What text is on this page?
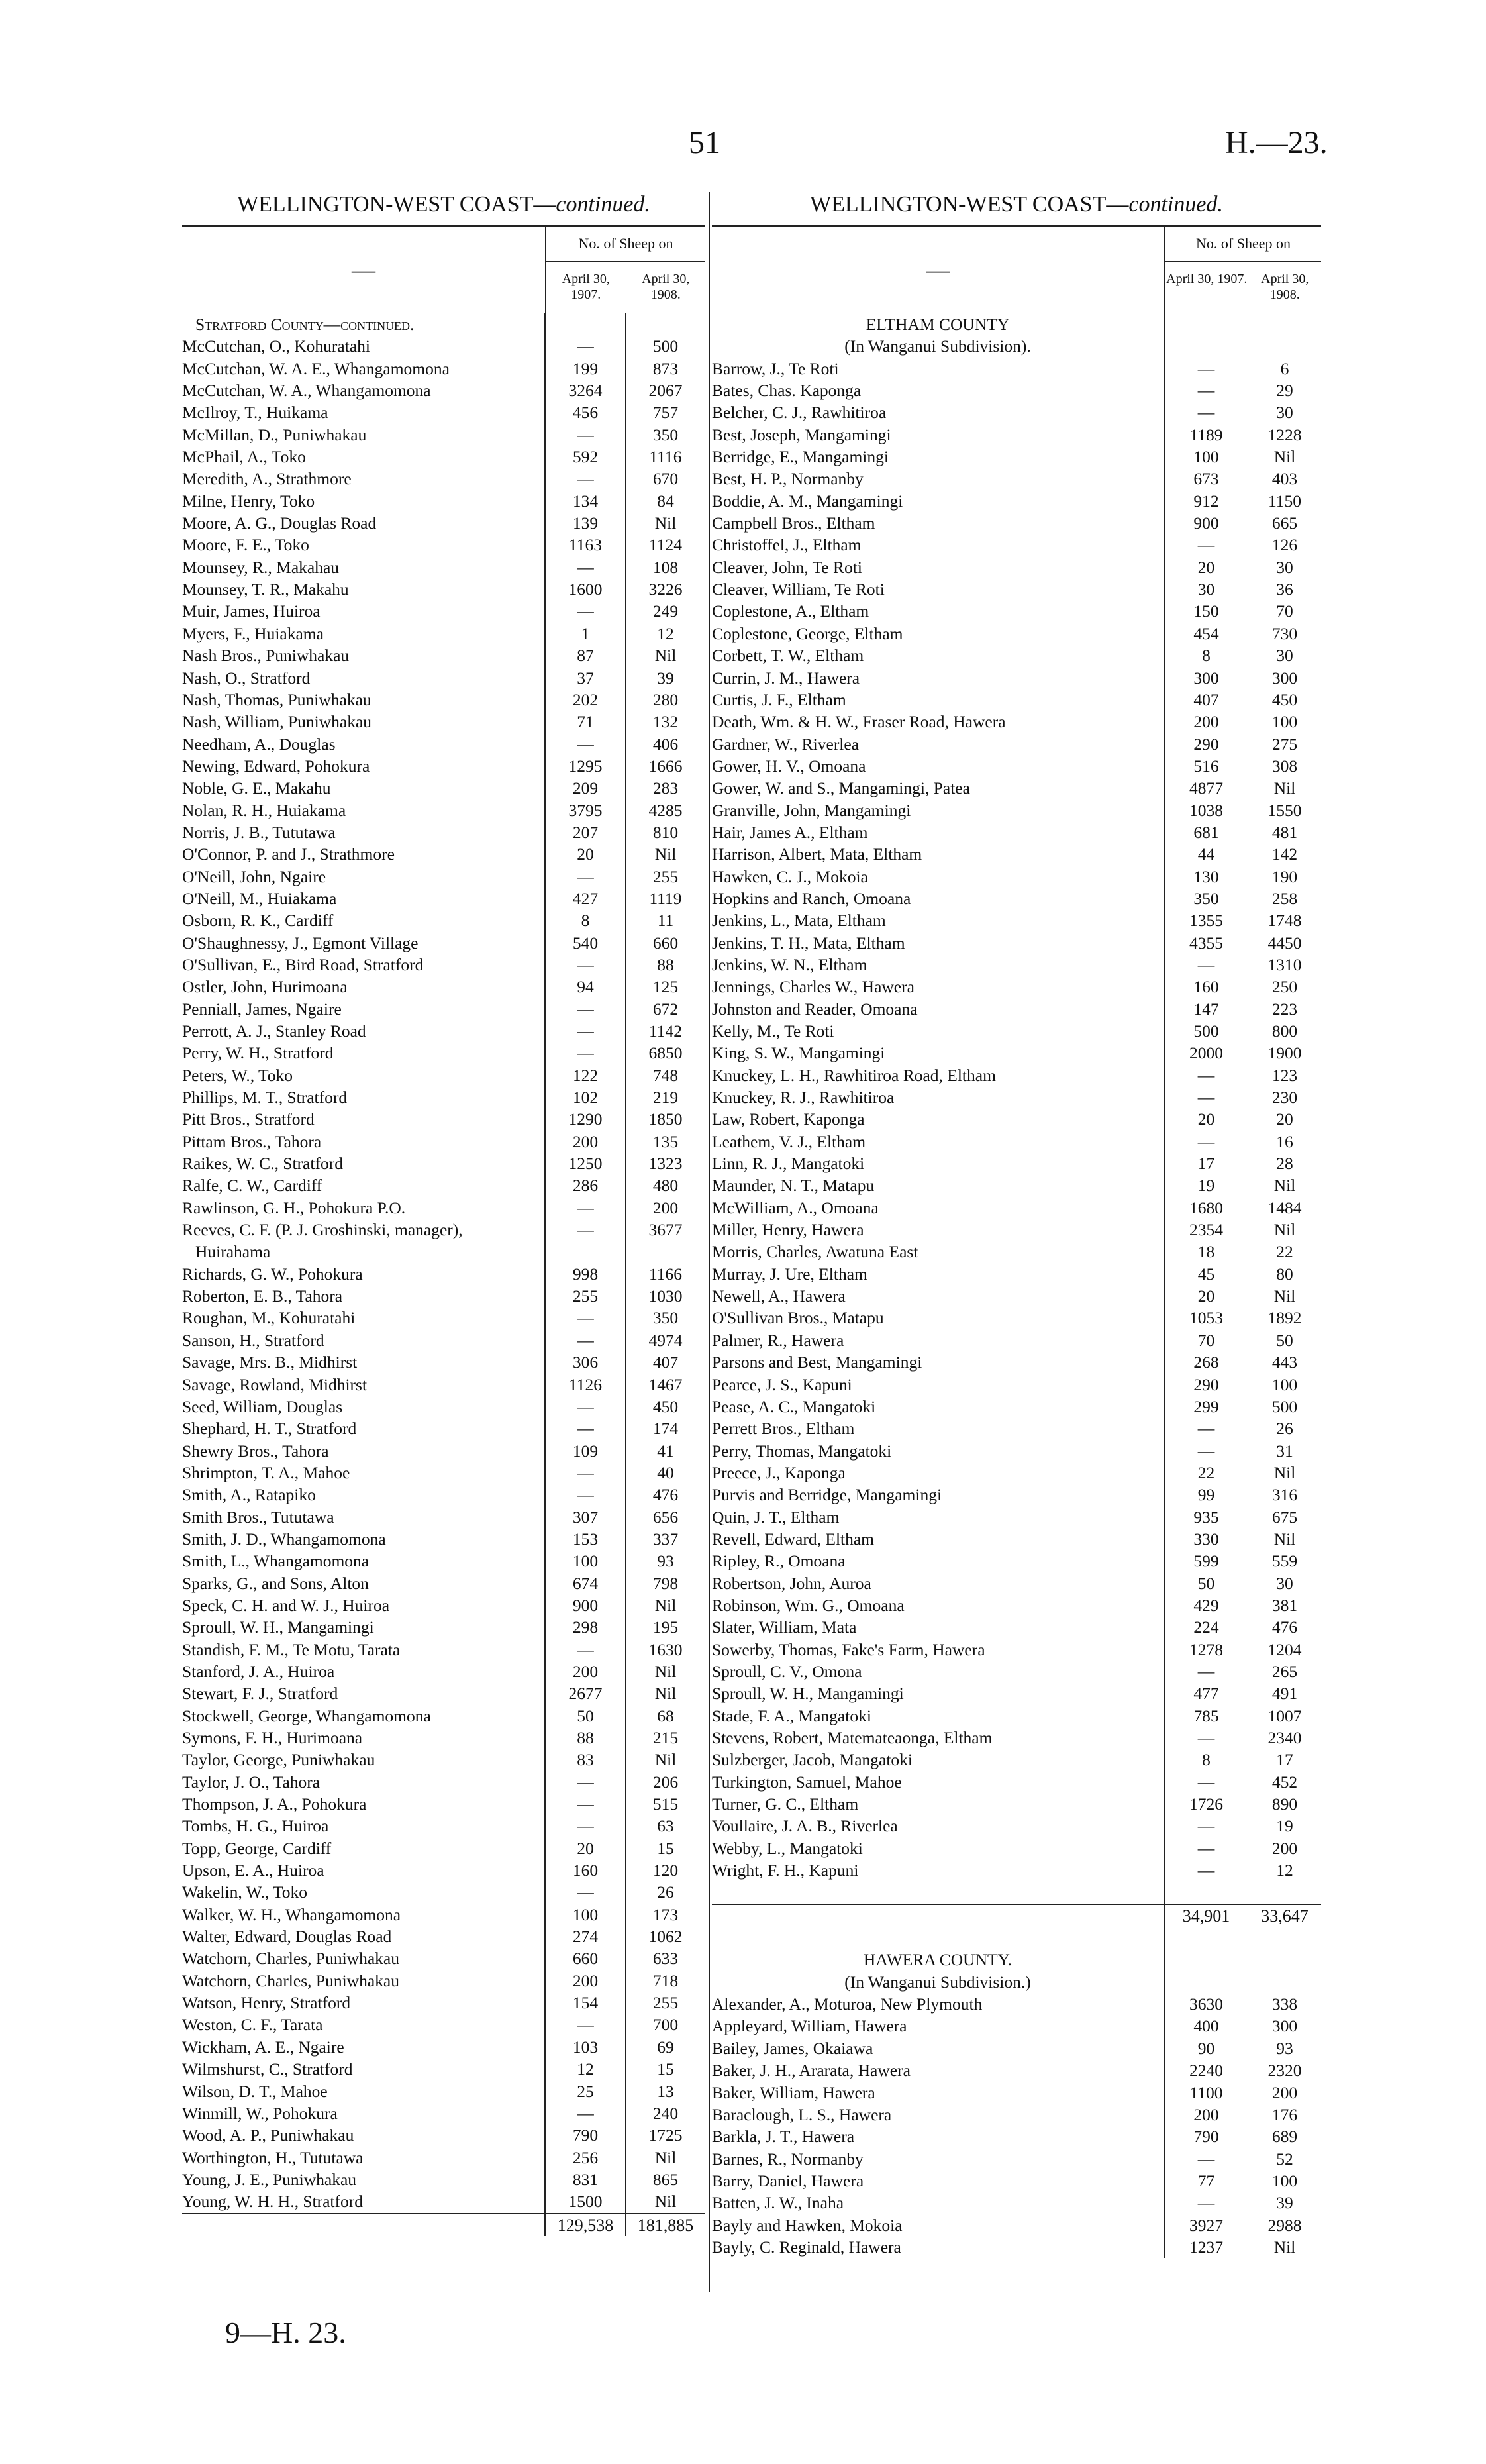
51	H.—23.
WELLINGTON-WEST COAST—continued.
—
No. of Sheep on
April 30, 1907.
April 30, 1908.
Stratford County—continued.
McCutchan, O., Kohuratahi	—	500
McCutchan, W. A. E., Whangamomona	199	873
McCutchan, W. A., Whangamomona	3264	2067
McIlroy, T., Huikama	456	757
McMillan, D., Puniwhakau	—	350
McPhail, A., Toko	592	1116
Meredith, A., Strathmore	—	670
Milne, Henry, Toko	134	84
Moore, A. G., Douglas Road	139	Nil
Moore, F. E., Toko	1163	1124
Mounsey, R., Makahau	—	108
Mounsey, T. R., Makahu	1600	3226
Muir, James, Huiroa	—	249
Myers, F., Huiakama	1	12
Nash Bros., Puniwhakau	87	Nil
Nash, O., Stratford	37	39
Nash, Thomas, Puniwhakau	202	280
Nash, William, Puniwhakau	71	132
Needham, A., Douglas	—	406
Newing, Edward, Pohokura	1295	1666
Noble, G. E., Makahu	209	283
Nolan, R. H., Huiakama	3795	4285
Norris, J. B., Tututawa	207	810
O'Connor, P. and J., Strathmore	20	Nil
O'Neill, John, Ngaire	—	255
O'Neill, M., Huiakama	427	1119
Osborn, R. K., Cardiff	8	11
O'Shaughnessy, J., Egmont Village	540	660
O'Sullivan, E., Bird Road, Stratford	—	88
Ostler, John, Hurimoana	94	125
Penniall, James, Ngaire	—	672
Perrott, A. J., Stanley Road	—	1142
Perry, W. H., Stratford	—	6850
Peters, W., Toko	122	748
Phillips, M. T., Stratford	102	219
Pitt Bros., Stratford	1290	1850
Pittam Bros., Tahora	200	135
Raikes, W. C., Stratford	1250	1323
Ralfe, C. W., Cardiff	286	480
Rawlinson, G. H., Pohokura P.O.	—	200
Reeves, C. F. (P. J. Groshinski, manager),	—	3677
Huirahama
Richards, G. W., Pohokura	998	1166
Roberton, E. B., Tahora	255	1030
Roughan, M., Kohuratahi	—	350
Sanson, H., Stratford	—	4974
Savage, Mrs. B., Midhirst	306	407
Savage, Rowland, Midhirst	1126	1467
Seed, William, Douglas	—	450
Shephard, H. T., Stratford	—	174
Shewry Bros., Tahora	109	41
Shrimpton, T. A., Mahoe	—	40
Smith, A., Ratapiko	—	476
Smith Bros., Tututawa	307	656
Smith, J. D., Whangamomona	153	337
Smith, L., Whangamomona	100	93
Sparks, G., and Sons, Alton	674	798
Speck, C. H. and W. J., Huiroa	900	Nil
Sproull, W. H., Mangamingi	298	195
Standish, F. M., Te Motu, Tarata	—	1630
Stanford, J. A., Huiroa	200	Nil
Stewart, F. J., Stratford	2677	Nil
Stockwell, George, Whangamomona	50	68
Symons, F. H., Hurimoana	88	215
Taylor, George, Puniwhakau	83	Nil
Taylor, J. O., Tahora	—	206
Thompson, J. A., Pohokura	—	515
Tombs, H. G., Huiroa	—	63
Topp, George, Cardiff	20	15
Upson, E. A., Huiroa	160	120
Wakelin, W., Toko	—	26
Walker, W. H., Whangamomona	100	173
Walter, Edward, Douglas Road	274	1062
Watchorn, Charles, Puniwhakau	660	633
Watchorn, Charles, Puniwhakau	200	718
Watson, Henry, Stratford	154	255
Weston, C. F., Tarata	—	700
Wickham, A. E., Ngaire	103	69
Wilmshurst, C., Stratford	12	15
Wilson, D. T., Mahoe	25	13
Winmill, W., Pohokura	—	240
Wood, A. P., Puniwhakau	790	1725
Worthington, H., Tututawa	256	Nil
Young, J. E., Puniwhakau	831	865
Young, W. H. H., Stratford	1500	Nil
129,538	181,885
WELLINGTON-WEST COAST—continued.
—
No. of Sheep on
April 30, 1907.	April 30, 1908.
ELTHAM COUNTY
(In Wanganui Subdivision).
Barrow, J., Te Roti	—	6
Bates, Chas. Kaponga	—	29
Belcher, C. J., Rawhitiroa	—	30
Best, Joseph, Mangamingi	1189	1228
Berridge, E., Mangamingi	100	Nil
Best, H. P., Normanby	673	403
Boddie, A. M., Mangamingi	912	1150
Campbell Bros., Eltham	900	665
Christoffel, J., Eltham	—	126
Cleaver, John, Te Roti	20	30
Cleaver, William, Te Roti	30	36
Coplestone, A., Eltham	150	70
Coplestone, George, Eltham	454	730
Corbett, T. W., Eltham	8	30
Currin, J. M., Hawera	300	300
Curtis, J. F., Eltham	407	450
Death, Wm. & H. W., Fraser Road, Hawera	200	100
Gardner, W., Riverlea	290	275
Gower, H. V., Omoana	516	308
Gower, W. and S., Mangamingi, Patea	4877	Nil
Granville, John, Mangamingi	1038	1550
Hair, James A., Eltham	681	481
Harrison, Albert, Mata, Eltham	44	142
Hawken, C. J., Mokoia	130	190
Hopkins and Ranch, Omoana	350	258
Jenkins, L., Mata, Eltham	1355	1748
Jenkins, T. H., Mata, Eltham	4355	4450
Jenkins, W. N., Eltham	—	1310
Jennings, Charles W., Hawera	160	250
Johnston and Reader, Omoana	147	223
Kelly, M., Te Roti	500	800
King, S. W., Mangamingi	2000	1900
Knuckey, L. H., Rawhitiroa Road, Eltham	—	123
Knuckey, R. J., Rawhitiroa	—	230
Law, Robert, Kaponga	20	20
Leathem, V. J., Eltham	—	16
Linn, R. J., Mangatoki	17	28
Maunder, N. T., Matapu	19	Nil
McWilliam, A., Omoana	1680	1484
Miller, Henry, Hawera	2354	Nil
Morris, Charles, Awatuna East	18	22
Murray, J. Ure, Eltham	45	80
Newell, A., Hawera	20	Nil
O'Sullivan Bros., Matapu	1053	1892
Palmer, R., Hawera	70	50
Parsons and Best, Mangamingi	268	443
Pearce, J. S., Kapuni	290	100
Pease, A. C., Mangatoki	299	500
Perrett Bros., Eltham	—	26
Perry, Thomas, Mangatoki	—	31
Preece, J., Kaponga	22	Nil
Purvis and Berridge, Mangamingi	99	316
Quin, J. T., Eltham	935	675
Revell, Edward, Eltham	330	Nil
Ripley, R., Omoana	599	559
Robertson, John, Auroa	50	30
Robinson, Wm. G., Omoana	429	381
Slater, William, Mata	224	476
Sowerby, Thomas, Fake's Farm, Hawera	1278	1204
Sproull, C. V., Omona	—	265
Sproull, W. H., Mangamingi	477	491
Stade, F. A., Mangatoki	785	1007
Stevens, Robert, Matemateaonga, Eltham	—	2340
Sulzberger, Jacob, Mangatoki	8	17
Turkington, Samuel, Mahoe	—	452
Turner, G. C., Eltham	1726	890
Voullaire, J. A. B., Riverlea	—	19
Webby, L., Mangatoki	—	200
Wright, F. H., Kapuni	—	12
34,901	33,647
HAWERA COUNTY.
(In Wanganui Subdivision.)
Alexander, A., Moturoa, New Plymouth	3630	338
Appleyard, William, Hawera	400	300
Bailey, James, Okaiawa	90	93
Baker, J. H., Ararata, Hawera	2240	2320
Baker, William, Hawera	1100	200
Baraclough, L. S., Hawera	200	176
Barkla, J. T., Hawera	790	689
Barnes, R., Normanby	—	52
Barry, Daniel, Hawera	77	100
Batten, J. W., Inaha	—	39
Bayly and Hawken, Mokoia	3927	2988
Bayly, C. Reginald, Hawera	1237	Nil
9—H. 23.
